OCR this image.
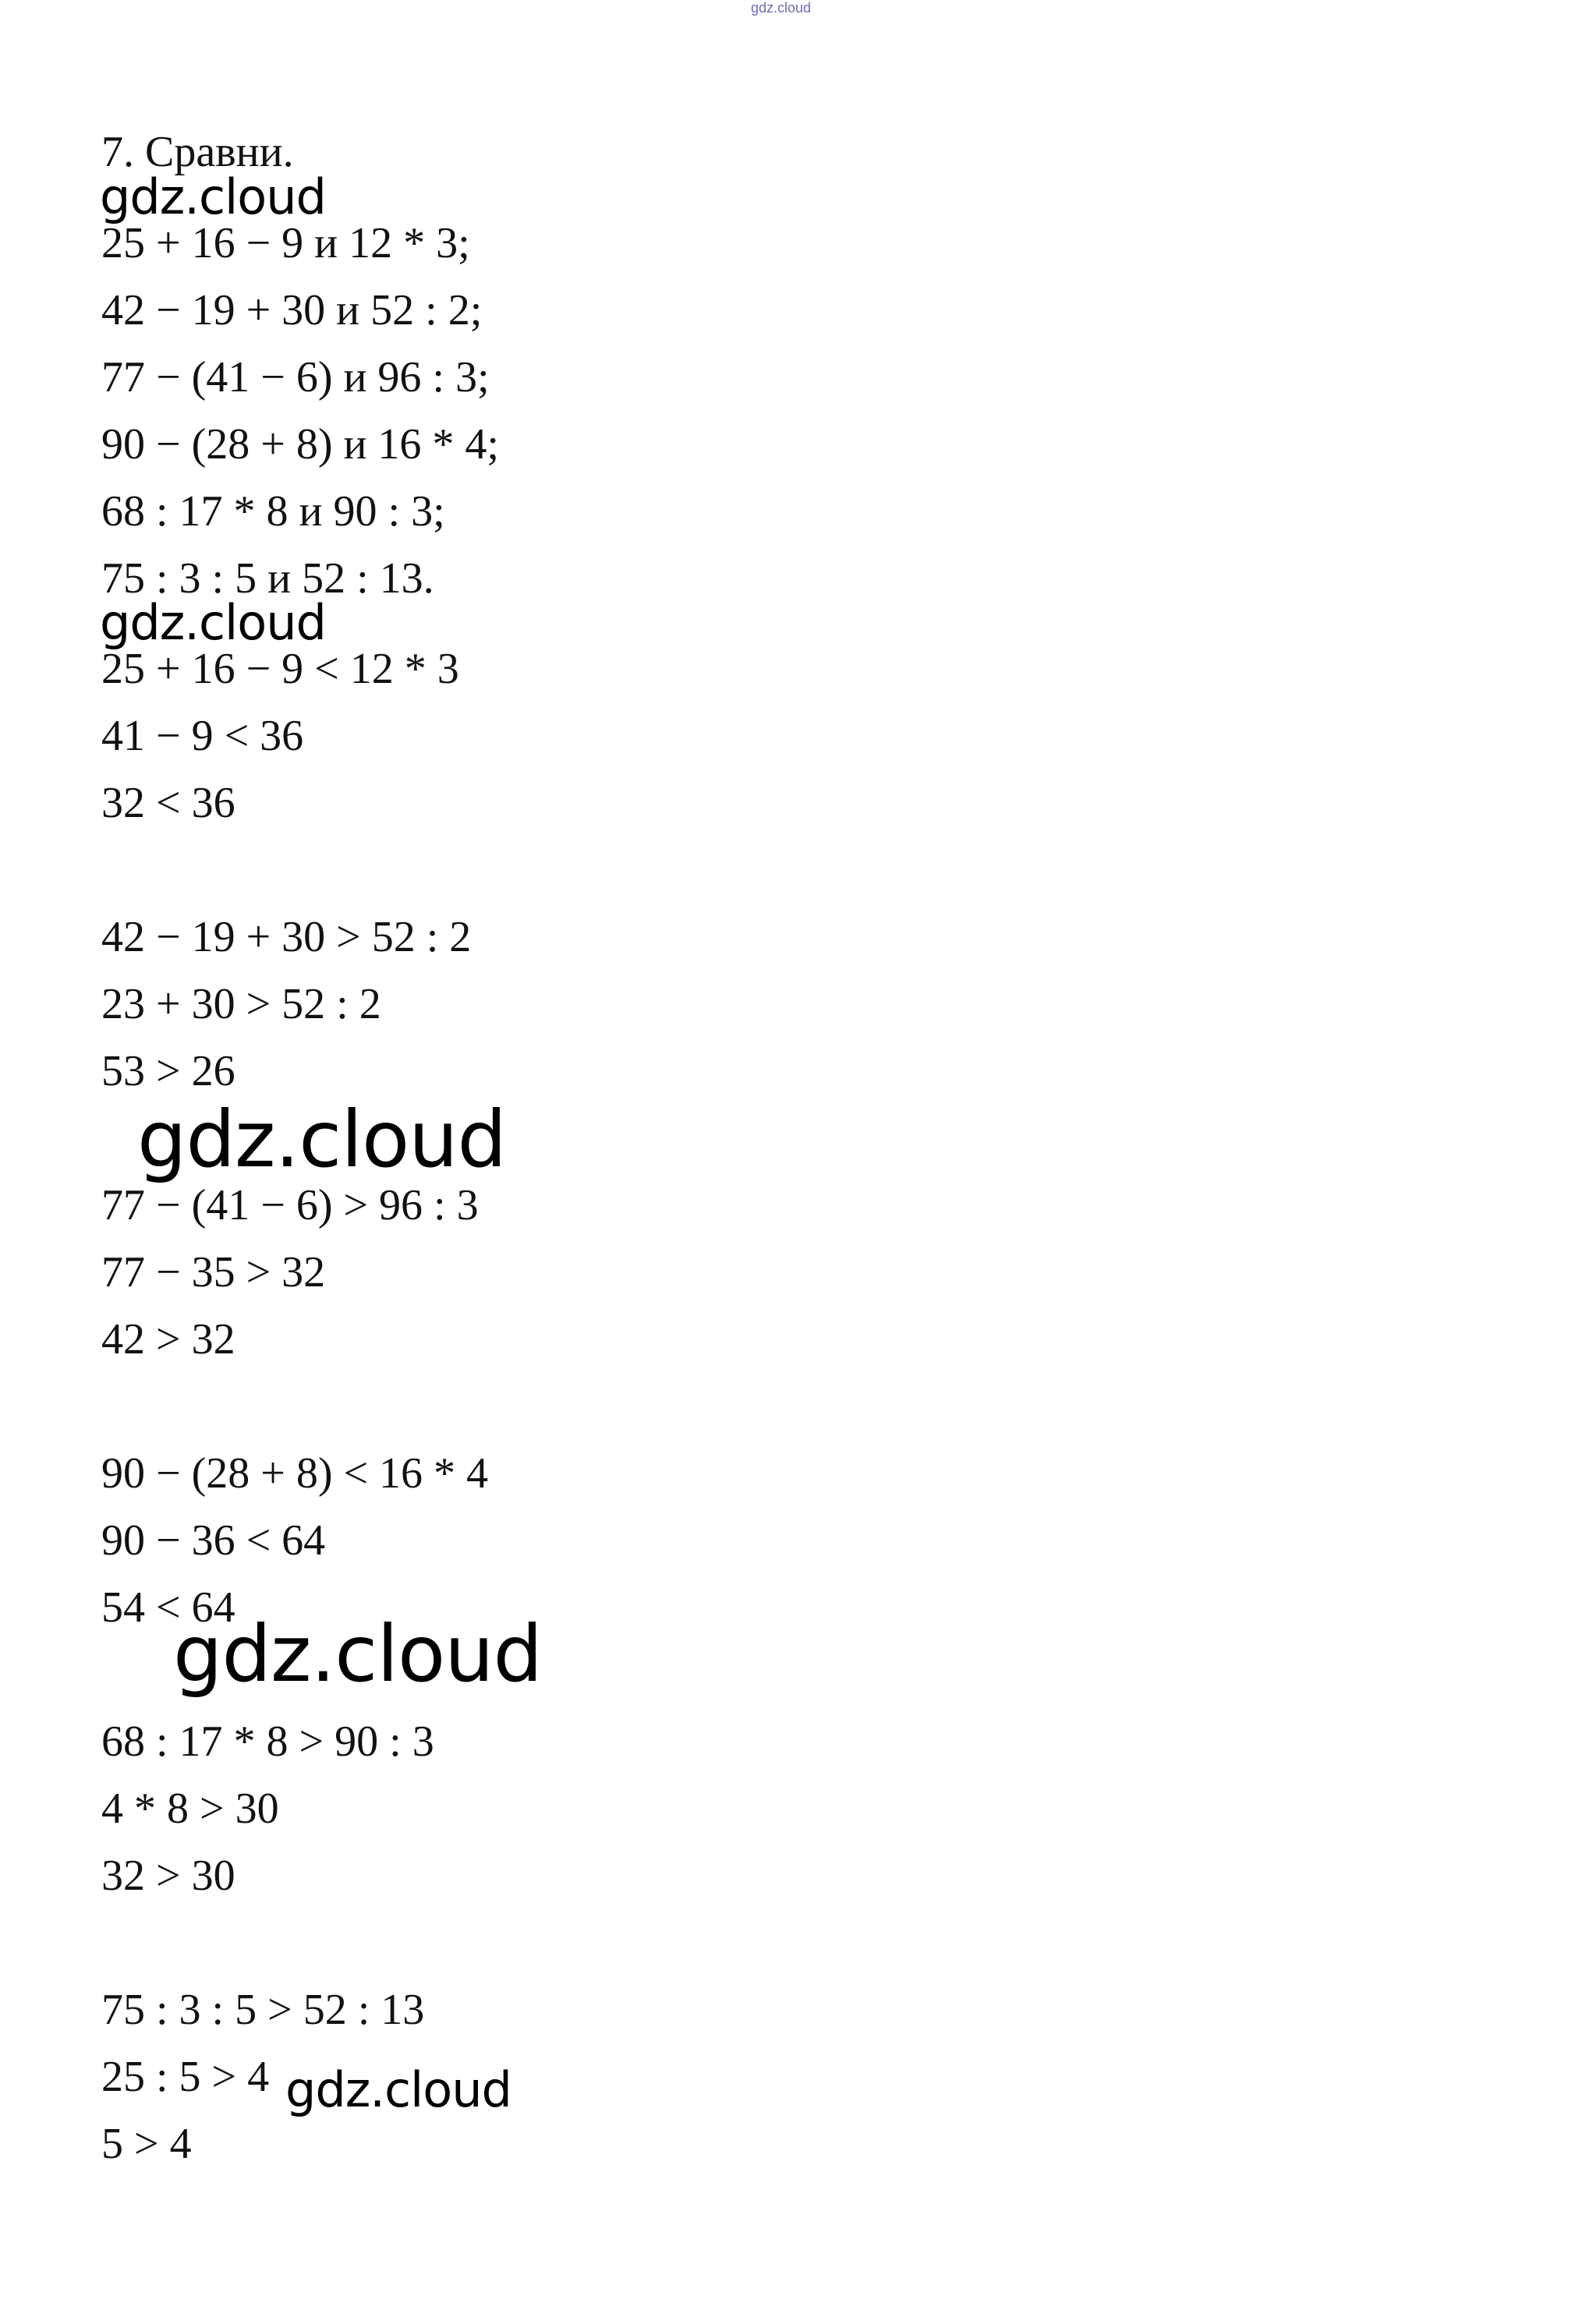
gdz.cloud
7. Сравни.
gdz.cloud
25 + 16 − 9 и 12 * 3;
42 − 19 + 30 и 52 : 2;
77 − (41 − 6) и 96 : 3;
90 − (28 + 8) и 16 * 4;
68 : 17 * 8 и 90 : 3;
75 : 3 : 5 и 52 : 13.
gdz.cloud
25 + 16 − 9 < 12 * 3
41 − 9 < 36
32 < 36
42 − 19 + 30 > 52 : 2
23 + 30 > 52 : 2
53 > 26
gdz.cloud
77 − (41 − 6) > 96 : 3
77 − 35 > 32
42 > 32
90 − (28 + 8) < 16 * 4
90 − 36 < 64
54 < 64
gdz.cloud
68 : 17 * 8 > 90 : 3
4 * 8 > 30
32 > 30
75 : 3 : 5 > 52 : 13
25 : 5 > 4 gdz.cloud
5 > 4
